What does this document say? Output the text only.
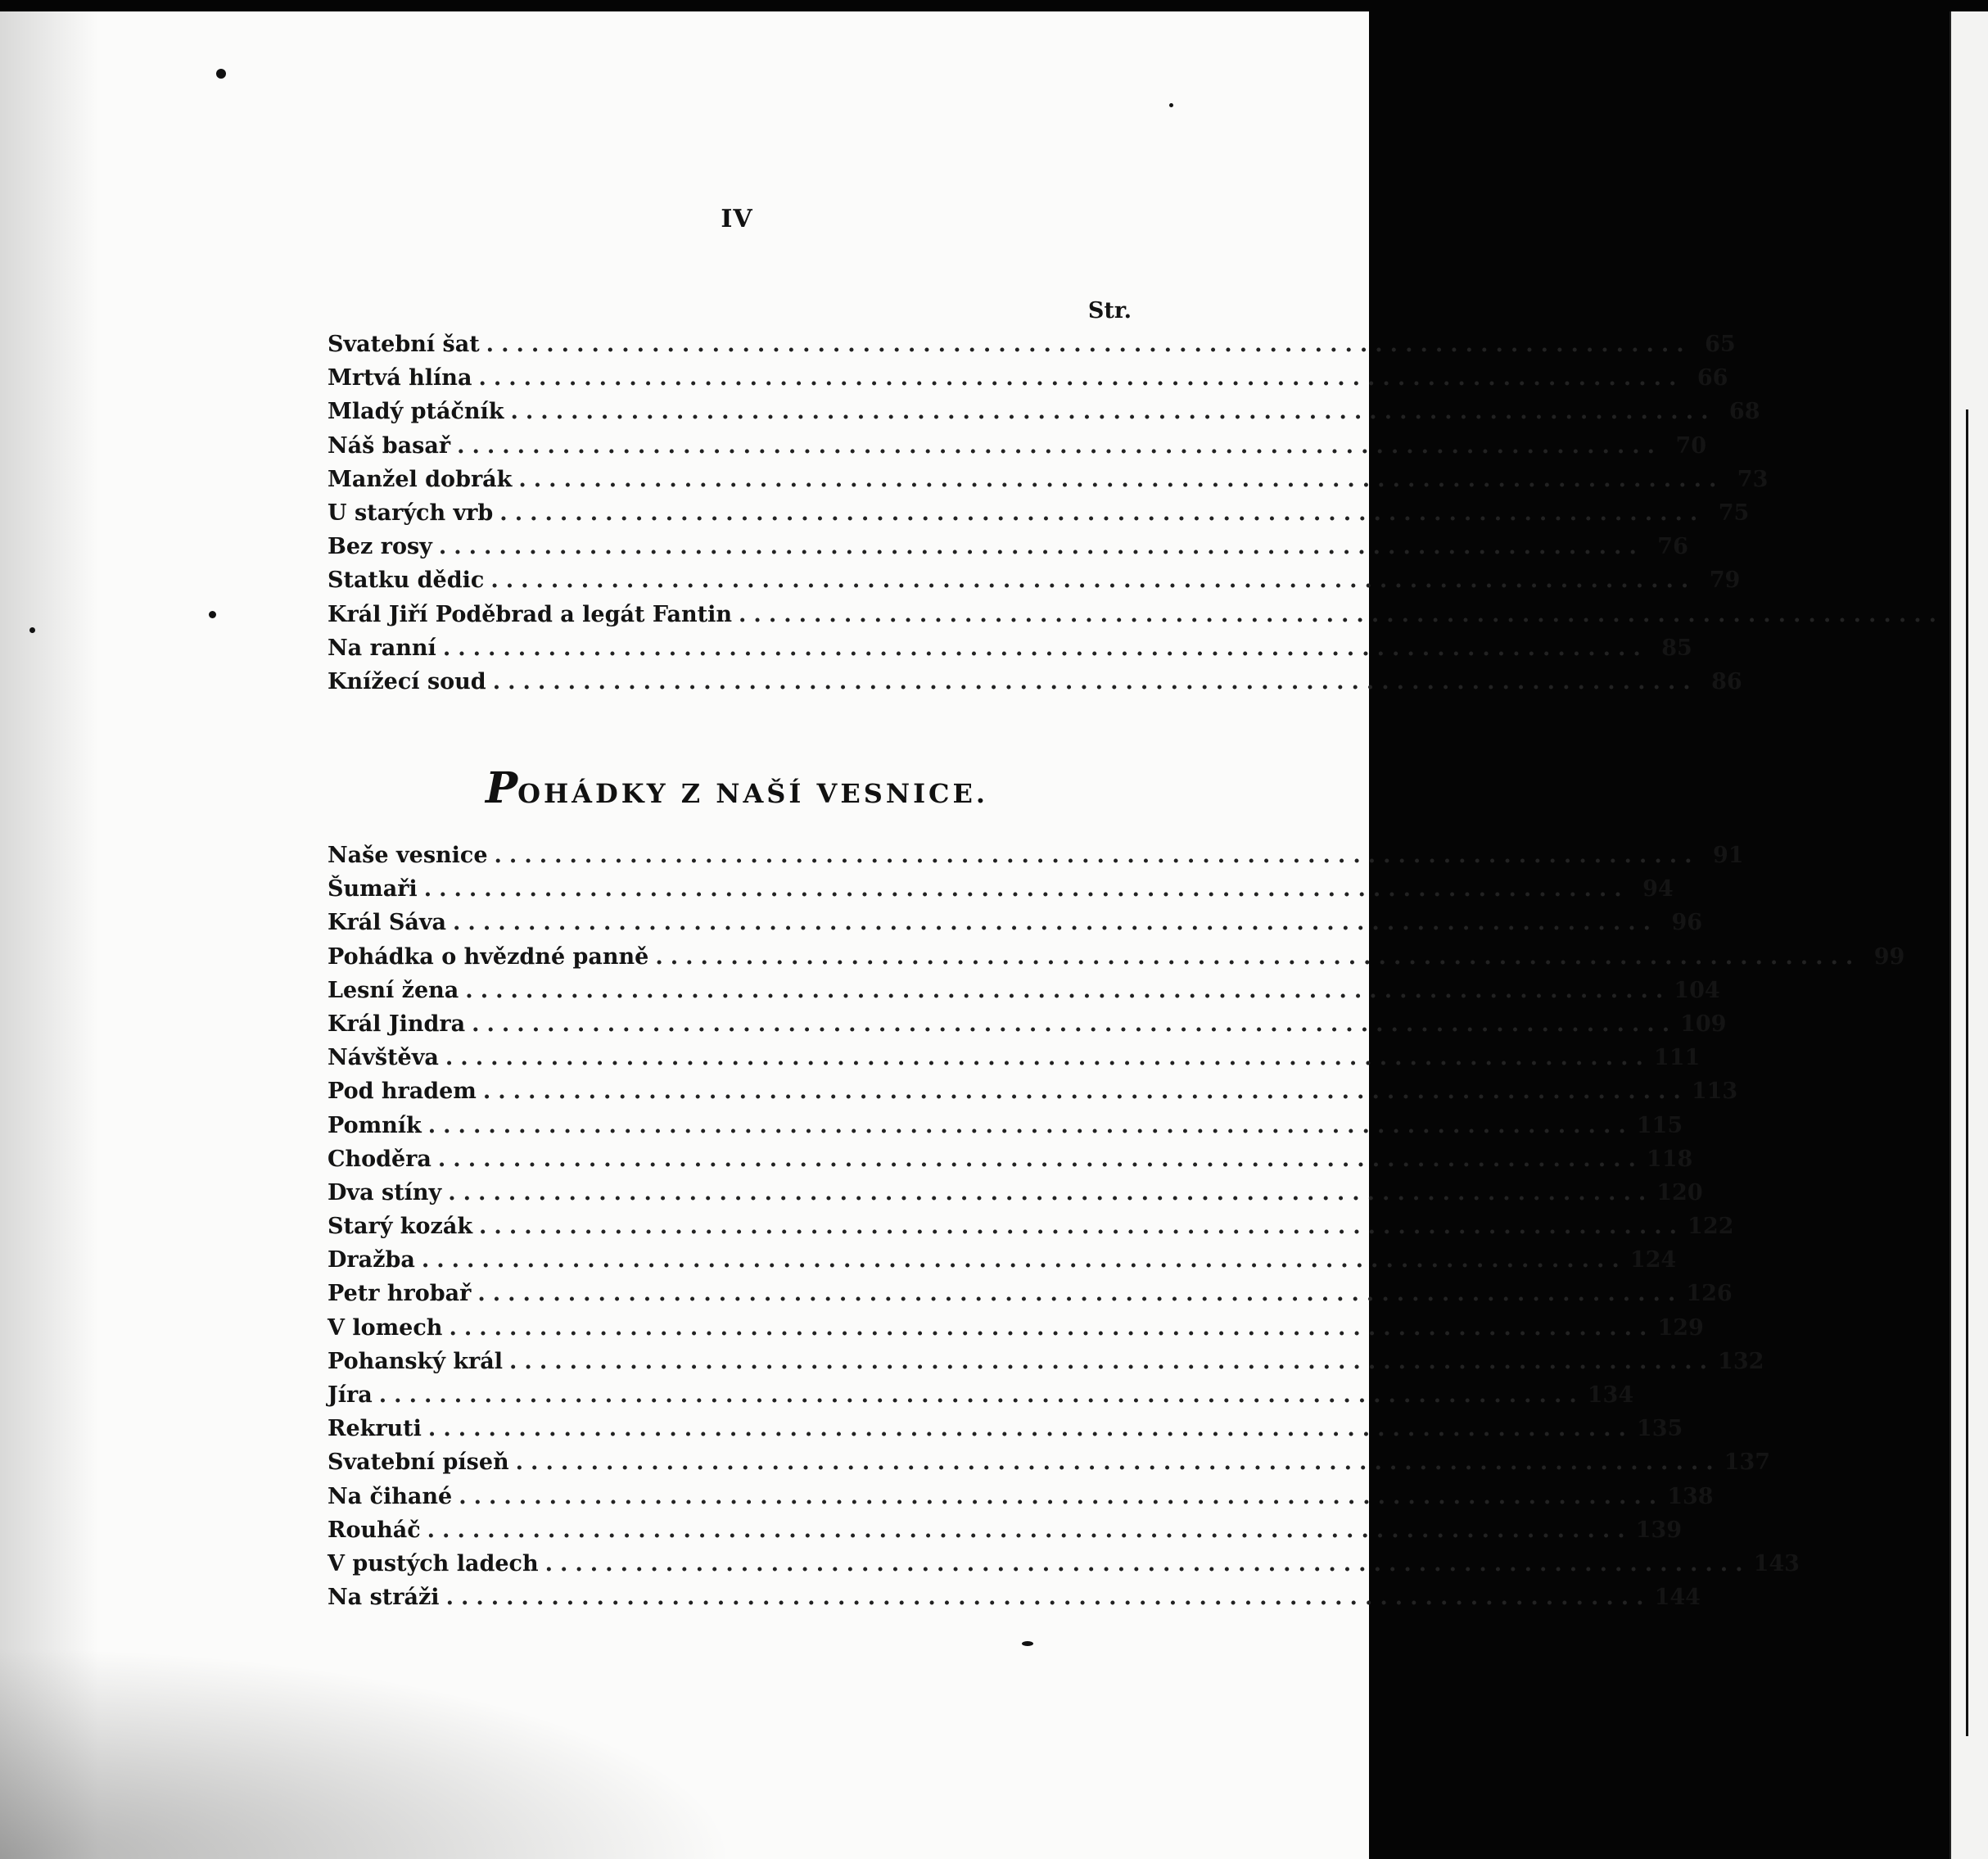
IV
Str.
Svatební šat ................................................................................ 65
Mrtvá hlína ................................................................................ 66
Mladý ptáčník ................................................................................ 68
Náš basař ................................................................................ 70
Manžel dobrák ................................................................................ 73
U starých vrb ................................................................................ 75
Bez rosy ................................................................................ 76
Statku dědic ................................................................................ 79
Král Jiří Poděbrad a legát Fantin ................................................................................
Na ranní ................................................................................ 85
Knížecí soud ................................................................................ 86
POHÁDKY Z NAŠÍ VESNICE.
Naše vesnice ................................................................................ 91
Šumaři ................................................................................ 94
Král Sáva ................................................................................ 96
Pohádka o hvězdné panně ................................................................................ 99
Lesní žena ................................................................................ 104
Král Jindra ................................................................................ 109
Návštěva ................................................................................ 111
Pod hradem ................................................................................ 113
Pomník ................................................................................ 115
Choděra ................................................................................ 118
Dva stíny ................................................................................ 120
Starý kozák ................................................................................ 122
Dražba ................................................................................ 124
Petr hrobař ................................................................................ 126
V lomech ................................................................................ 129
Pohanský král ................................................................................ 132
Jíra ................................................................................ 134
Rekruti ................................................................................ 135
Svatební píseň ................................................................................ 137
Na čihané ................................................................................ 138
Rouháč ................................................................................ 139
V pustých ladech ................................................................................ 143
Na stráži ................................................................................ 144
